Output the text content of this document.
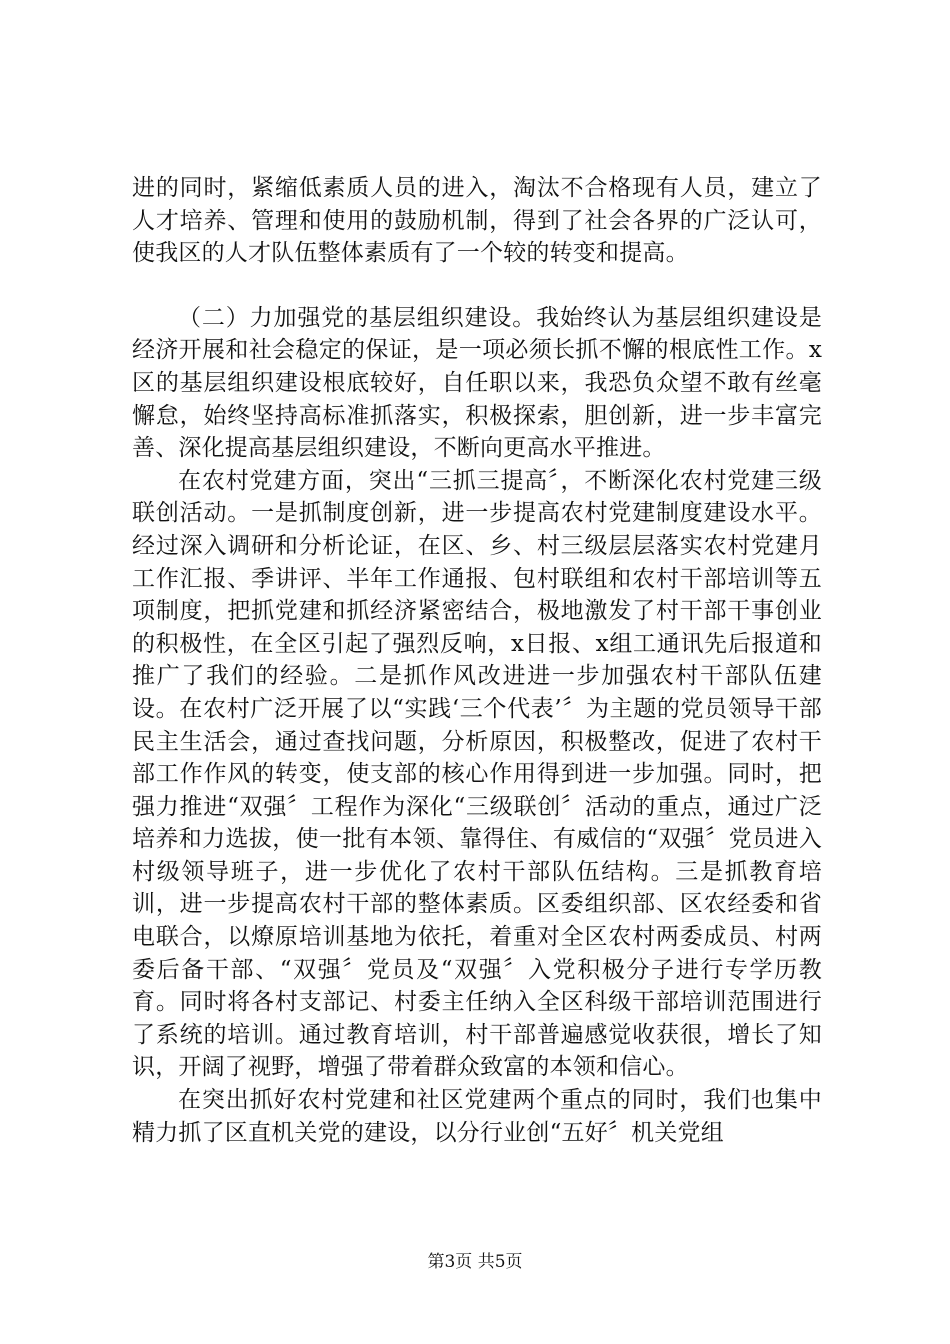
进的同时，紧缩低素质人员的进入，淘汰不合格现有人员，建立了人才培养、管理和使用的鼓励机制，得到了社会各界的广泛认可，使我区的人才队伍整体素质有了一个较的转变和提高。

（二）力加强党的基层组织建设。我始终认为基层组织建设是经济开展和社会稳定的保证，是一项必须长抓不懈的根底性工作。x区的基层组织建设根底较好，自任职以来，我恐负众望不敢有丝毫懈怠，始终坚持高标准抓落实，积极探索，胆创新，进一步丰富完善、深化提高基层组织建设，不断向更高水平推进。

在农村党建方面，突出“三抓三提高〞，不断深化农村党建三级联创活动。一是抓制度创新，进一步提高农村党建制度建设水平。经过深入调研和分析论证，在区、乡、村三级层层落实农村党建月工作汇报、季讲评、半年工作通报、包村联组和农村干部培训等五项制度，把抓党建和抓经济紧密结合，极地激发了村干部干事创业的积极性，在全区引起了强烈反响，x日报、x组工通讯先后报道和推广了我们的经验。二是抓作风改进进一步加强农村干部队伍建设。在农村广泛开展了以“实践‘三个代表’〞为主题的党员领导干部民主生活会，通过查找问题，分析原因，积极整改，促进了农村干部工作作风的转变，使支部的核心作用得到进一步加强。同时，把强力推进“双强〞工程作为深化“三级联创〞活动的重点，通过广泛培养和力选拔，使一批有本领、靠得住、有威信的“双强〞党员进入村级领导班子，进一步优化了农村干部队伍结构。三是抓教育培训，进一步提高农村干部的整体素质。区委组织部、区农经委和省电联合，以燎原培训基地为依托，着重对全区农村两委成员、村两委后备干部、“双强〞党员及“双强〞入党积极分子进行专学历教育。同时将各村支部记、村委主任纳入全区科级干部培训范围进行了系统的培训。通过教育培训，村干部普遍感觉收获很，增长了知识，开阔了视野，增强了带着群众致富的本领和信心。

在突出抓好农村党建和社区党建两个重点的同时，我们也集中精力抓了区直机关党的建设，以分行业创“五好〞机关党组

第3页 共5页
